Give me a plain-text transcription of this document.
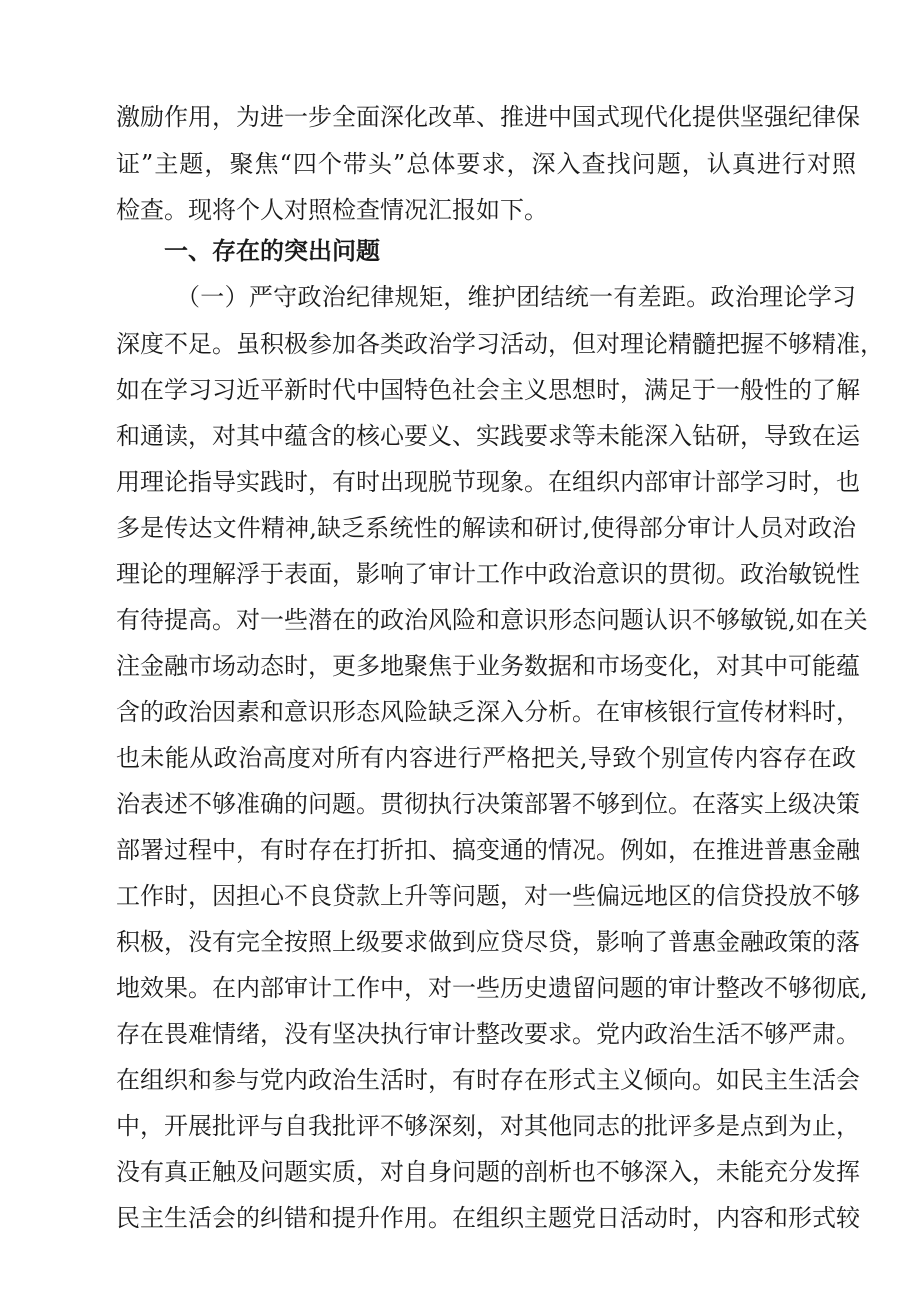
激励作用，为进一步全面深化改革、推进中国式现代化提供坚强纪律保
证”主题，聚焦“四个带头”总体要求，深入查找问题，认真进行对照
检查。现将个人对照检查情况汇报如下。
一、存在的突出问题
（一）严守政治纪律规矩，维护团结统一有差距。政治理论学习
深度不足。虽积极参加各类政治学习活动，但对理论精髓把握不够精准，
如在学习习近平新时代中国特色社会主义思想时，满足于一般性的了解
和通读，对其中蕴含的核心要义、实践要求等未能深入钻研，导致在运
用理论指导实践时，有时出现脱节现象。在组织内部审计部学习时，也
多是传达文件精神,缺乏系统性的解读和研讨,使得部分审计人员对政治
理论的理解浮于表面，影响了审计工作中政治意识的贯彻。政治敏锐性
有待提高。对一些潜在的政治风险和意识形态问题认识不够敏锐,如在关
注金融市场动态时，更多地聚焦于业务数据和市场变化，对其中可能蕴
含的政治因素和意识形态风险缺乏深入分析。在审核银行宣传材料时，
也未能从政治高度对所有内容进行严格把关,导致个别宣传内容存在政
治表述不够准确的问题。贯彻执行决策部署不够到位。在落实上级决策
部署过程中，有时存在打折扣、搞变通的情况。例如，在推进普惠金融
工作时，因担心不良贷款上升等问题，对一些偏远地区的信贷投放不够
积极，没有完全按照上级要求做到应贷尽贷，影响了普惠金融政策的落
地效果。在内部审计工作中，对一些历史遗留问题的审计整改不够彻底,
存在畏难情绪，没有坚决执行审计整改要求。党内政治生活不够严肃。
在组织和参与党内政治生活时，有时存在形式主义倾向。如民主生活会
中，开展批评与自我批评不够深刻，对其他同志的批评多是点到为止，
没有真正触及问题实质，对自身问题的剖析也不够深入，未能充分发挥
民主生活会的纠错和提升作用。在组织主题党日活动时，内容和形式较
